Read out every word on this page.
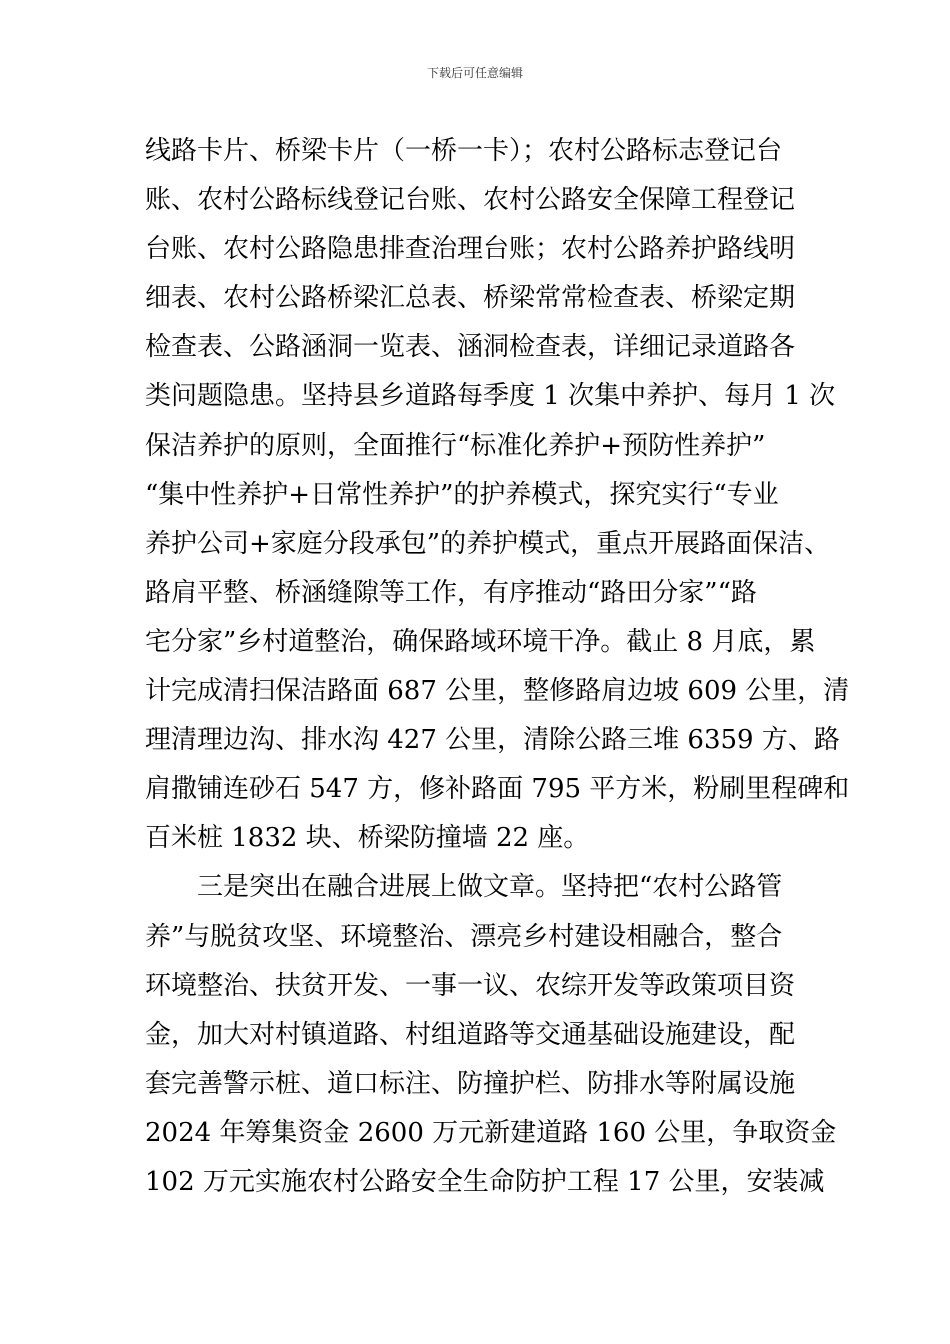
下载后可任意编辑
线路卡片、桥梁卡片（一桥一卡）；农村公路标志登记台
账、农村公路标线登记台账、农村公路安全保障工程登记
台账、农村公路隐患排查治理台账；农村公路养护路线明
细表、农村公路桥梁汇总表、桥梁常常检查表、桥梁定期
检查表、公路涵洞一览表、涵洞检查表，详细记录道路各
类问题隐患。坚持县乡道路每季度 1 次集中养护、每月 1 次
保洁养护的原则，全面推行“标准化养护+预防性养护”
“集中性养护+日常性养护”的护养模式，探究实行“专业
养护公司+家庭分段承包”的养护模式，重点开展路面保洁、
路肩平整、桥涵缝隙等工作，有序推动“路田分家”“路
宅分家”乡村道整治，确保路域环境干净。截止 8 月底，累
计完成清扫保洁路面 687 公里，整修路肩边坡 609 公里，清
理清理边沟、排水沟 427 公里，清除公路三堆 6359 方、路
肩撒铺连砂石 547 方，修补路面 795 平方米，粉刷里程碑和
百米桩 1832 块、桥梁防撞墙 22 座。
三是突出在融合进展上做文章。坚持把“农村公路管
养”与脱贫攻坚、环境整治、漂亮乡村建设相融合，整合
环境整治、扶贫开发、一事一议、农综开发等政策项目资
金，加大对村镇道路、村组道路等交通基础设施建设，配
套完善警示桩、道口标注、防撞护栏、防排水等附属设施
2024 年筹集资金 2600 万元新建道路 160 公里，争取资金
102 万元实施农村公路安全生命防护工程 17 公里，安装减
